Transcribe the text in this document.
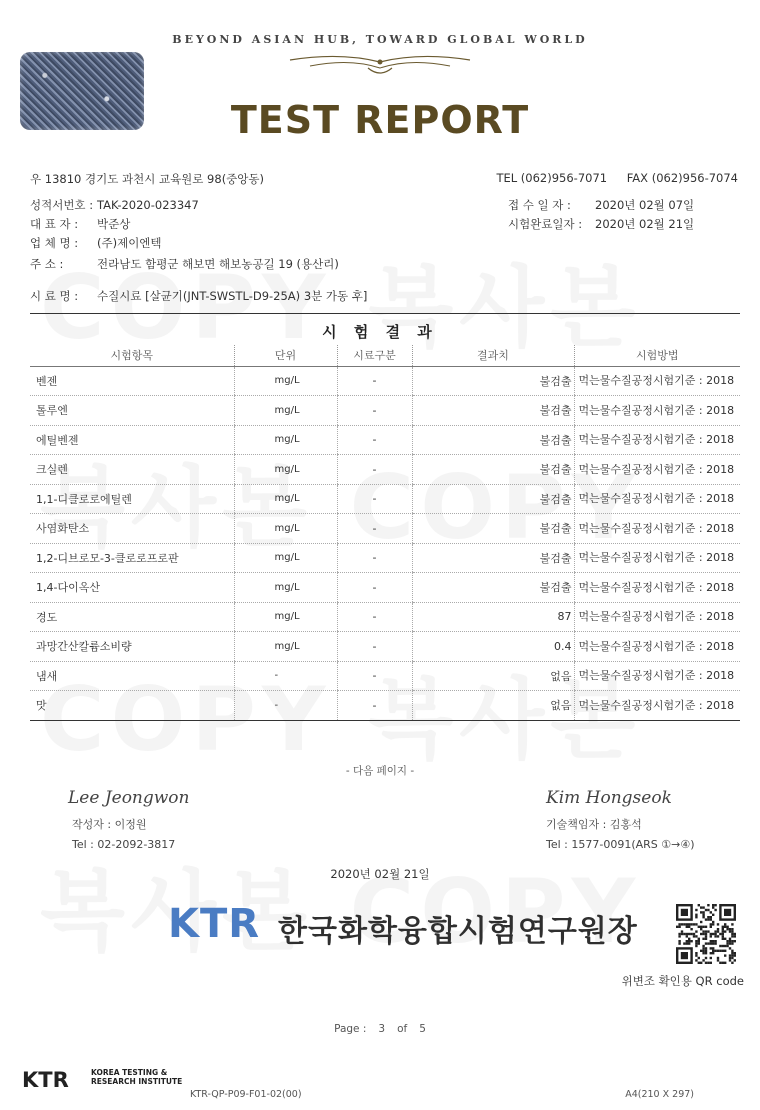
BEYOND ASIAN HUB, TOWARD GLOBAL WORLD
TEST REPORT
우 13810 경기도 과천시 교육원로 98(중앙동)	TEL (062)956-7071 FAX (062)956-7074
성적서번호 : TAK-2020-023347
대 표 자 : 박준상
업 체 명 : (주)제이엔텍
주 소 :	전라남도 함평군 해보면 해보농공길 19 (용산리)
시 료 명 : 수질시료 [살균기(JNT-SWSTL-D9-25A) 3분 가동 후]
접 수 일 자 : 2020년 02월 07일
시험완료일자 : 2020년 02월 21일
시 험 결 과
시험항목	단위	시료구분	결과치	시험방법
벤젠	mg/L	-	불검출	먹는물수질공정시험기준 : 2018
톨루엔	mg/L	-	불검출	먹는물수질공정시험기준 : 2018
에틸벤젠	mg/L	-	불검출	먹는물수질공정시험기준 : 2018
크실렌	mg/L	-	불검출	먹는물수질공정시험기준 : 2018
1,1-디클로로에틸렌	mg/L	-	불검출	먹는물수질공정시험기준 : 2018
사염화탄소	mg/L	-	불검출	먹는물수질공정시험기준 : 2018
1,2-디브로모-3-클로로프로판	mg/L	-	불검출	먹는물수질공정시험기준 : 2018
1,4-다이옥산	mg/L	-	불검출	먹는물수질공정시험기준 : 2018
경도	mg/L	-	87	먹는물수질공정시험기준 : 2018
과망간산칼륨소비량	mg/L	-	0.4	먹는물수질공정시험기준 : 2018
냄새	-	-	없음	먹는물수질공정시험기준 : 2018
맛	-	-	없음	먹는물수질공정시험기준 : 2018
- 다음 페이지 -
Lee Jeongwon
작성자 : 이정원
Tel : 02-2092-3817
Kim Hongseok
기술책임자 : 김홍석
Tel : 1577-0091(ARS ①→④)
2020년 02월 21일
KTR 한국화학융합시험연구원장
위변조 확인용 QR code
Page : 3 of 5
KTR	KOREA TESTING &
RESEARCH INSTITUTE
KTR-QP-P09-F01-02(00)	A4(210 X 297)
